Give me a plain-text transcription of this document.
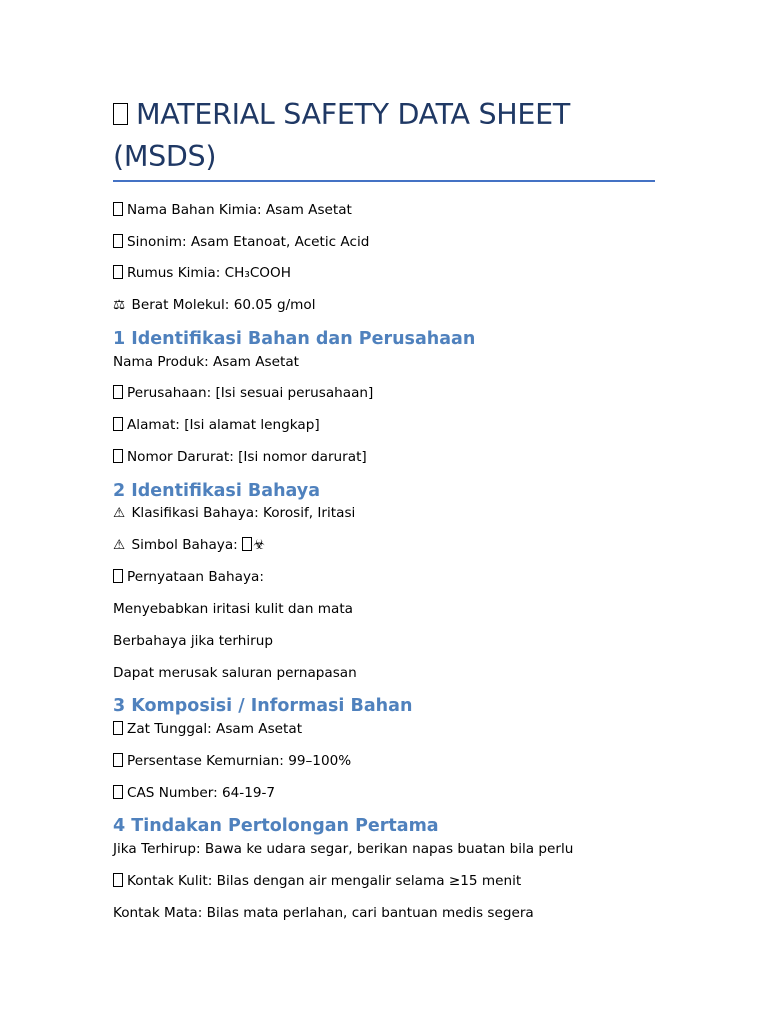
MATERIAL SAFETY DATA SHEET (MSDS)
Nama Bahan Kimia: Asam Asetat
Sinonim: Asam Etanoat, Acetic Acid
Rumus Kimia: CH₃COOH
⚖ Berat Molekul: 60.05 g/mol
1 Identifikasi Bahan dan Perusahaan
Nama Produk: Asam Asetat
Perusahaan: [Isi sesuai perusahaan]
Alamat: [Isi alamat lengkap]
Nomor Darurat: [Isi nomor darurat]
2 Identifikasi Bahaya
⚠ Klasifikasi Bahaya: Korosif, Iritasi
⚠ Simbol Bahaya: ☣
Pernyataan Bahaya:
Menyebabkan iritasi kulit dan mata
Berbahaya jika terhirup
Dapat merusak saluran pernapasan
3 Komposisi / Informasi Bahan
Zat Tunggal: Asam Asetat
Persentase Kemurnian: 99–100%
CAS Number: 64-19-7
4 Tindakan Pertolongan Pertama
Jika Terhirup: Bawa ke udara segar, berikan napas buatan bila perlu
Kontak Kulit: Bilas dengan air mengalir selama ≥15 menit
Kontak Mata: Bilas mata perlahan, cari bantuan medis segera
